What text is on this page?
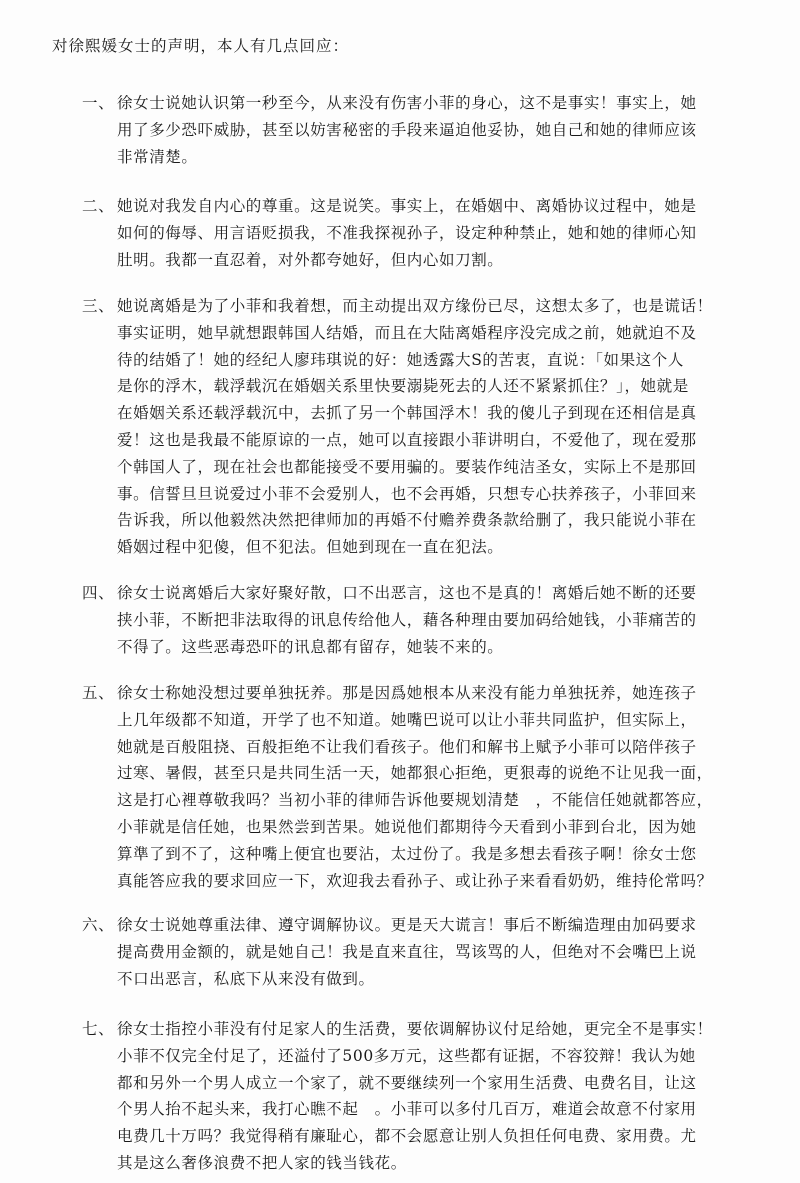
对徐熙媛女士的声明，本人有几点回应：
一、 徐女士说她认识第一秒至今，从来没有伤害小菲的身心，这不是事实！事实上，她
用了多少恐吓威胁，甚至以妨害秘密的手段来逼迫他妥协，她自己和她的律师应该
非常清楚。
二、 她说对我发自内心的尊重。这是说笑。事实上，在婚姻中、离婚协议过程中，她是
如何的侮辱、用言语贬损我，不准我探视孙子，设定种种禁止，她和她的律师心知
肚明。我都一直忍着，对外都夸她好，但内心如刀割。
三、 她说离婚是为了小菲和我着想，而主动提出双方缘份已尽，这想太多了，也是谎话！
事实证明，她早就想跟韩国人结婚，而且在大陆离婚程序没完成之前，她就迫不及
待的结婚了！她的经纪人廖玮琪说的好：她透露大S的苦衷，直说：「如果这个人
是你的浮木，载浮载沉在婚姻关系里快要溺毙死去的人还不紧紧抓住？」，她就是
在婚姻关系还载浮载沉中，去抓了另一个韩国浮木！我的傻儿子到现在还相信是真
爱！这也是我最不能原谅的一点，她可以直接跟小菲讲明白，不爱他了，现在爱那
个韩国人了，现在社会也都能接受不要用骗的。要装作纯洁圣女，实际上不是那回
事。信誓旦旦说爱过小菲不会爱别人，也不会再婚，只想专心扶养孩子，小菲回来
告诉我，所以他毅然决然把律师加的再婚不付赡养费条款给删了，我只能说小菲在
婚姻过程中犯傻，但不犯法。但她到现在一直在犯法。
四、 徐女士说离婚后大家好聚好散，口不出恶言，这也不是真的！离婚后她不断的还要
挟小菲，不断把非法取得的讯息传给他人，藉各种理由要加码给她钱，小菲痛苦的
不得了。这些恶毒恐吓的讯息都有留存，她装不来的。
五、 徐女士称她没想过要单独抚养。那是因爲她根本从来没有能力单独抚养，她连孩子
上几年级都不知道，开学了也不知道。她嘴巴说可以让小菲共同监护，但实际上，
她就是百般阻挠、百般拒绝不让我们看孩子。他们和解书上赋予小菲可以陪伴孩子
过寒、暑假，甚至只是共同生活一天，她都狠心拒绝，更狠毒的说绝不让见我一面，
这是打心裡尊敬我吗？当初小菲的律师告诉他要规划清楚　，不能信任她就都答应，
小菲就是信任她，也果然尝到苦果。她说他们都期待今天看到小菲到台北，因为她
算準了到不了，这种嘴上便宜也要沾，太过份了。我是多想去看孩子啊！徐女士您
真能答应我的要求回应一下，欢迎我去看孙子、或让孙子来看看奶奶，维持伦常吗？
六、 徐女士说她尊重法律、遵守调解协议。更是天大谎言！事后不断编造理由加码要求
提高费用金额的，就是她自己！我是直来直往，骂该骂的人，但绝对不会嘴巴上说
不口出恶言，私底下从来没有做到。
七、 徐女士指控小菲没有付足家人的生活费，要依调解协议付足给她，更完全不是事实！
小菲不仅完全付足了，还溢付了500多万元，这些都有证据，不容狡辩！我认为她
都和另外一个男人成立一个家了，就不要继续列一个家用生活费、电费名目，让这
个男人抬不起头来，我打心瞧不起　。小菲可以多付几百万，难道会故意不付家用
电费几十万吗？我觉得稍有廉耻心，都不会愿意让别人负担任何电费、家用费。尤
其是这么奢侈浪费不把人家的钱当钱花。
